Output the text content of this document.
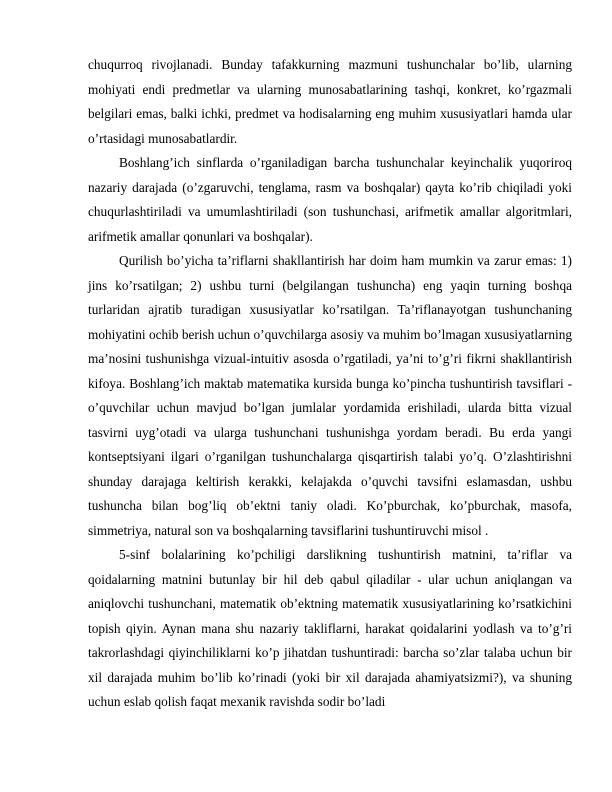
chuqurroq rivojlanadi. Bunday tafakkurning mazmuni tushunchalar bo’lib, ularning mohiyati endi predmetlar va ularning munosabatlarining tashqi, konkret, ko’rgazmali belgilari emas, balki ichki, predmet va hodisalarning eng muhim xususiyatlari hamda ular o’rtasidagi munosabatlardir.

Boshlang’ich sinflarda o’rganiladigan barcha tushunchalar keyinchalik yuqoriroq nazariy darajada (o’zgaruvchi, tenglama, rasm va boshqalar) qayta ko’rib chiqiladi yoki chuqurlashtiriladi va umumlashtiriladi (son tushunchasi, arifmetik amallar algoritmlari, arifmetik amallar qonunlari va boshqalar).

Qurilish bo’yicha ta’riflarni shakllantirish har doim ham mumkin va zarur emas: 1) jins ko’rsatilgan; 2) ushbu turni (belgilangan tushuncha) eng yaqin turning boshqa turlaridan ajratib turadigan xususiyatlar ko’rsatilgan. Ta’riflanayotgan tushunchaning mohiyatini ochib berish uchun o’quvchilarga asosiy va muhim bo’lmagan xususiyatlarning ma’nosini tushunishga vizual-intuitiv asosda o’rgatiladi, ya’ni to’g’ri fikrni shakllantirish kifoya. Boshlang’ich maktab matematika kursida bunga ko’pincha tushuntirish tavsiflari - o’quvchilar uchun mavjud bo’lgan jumlalar yordamida erishiladi, ularda bitta vizual tasvirni uyg’otadi va ularga tushunchani tushunishga yordam beradi. Bu erda yangi kontseptsiyani ilgari o’rganilgan tushunchalarga qisqartirish talabi yo’q. O’zlashtirishni shunday darajaga keltirish kerakki, kelajakda o’quvchi tavsifni eslamasdan, ushbu tushuncha bilan bog’liq ob’ektni taniy oladi. Ko’pburchak, ko’pburchak, masofa, simmetriya, natural son va boshqalarning tavsiflarini tushuntiruvchi misol .

5-sinf bolalarining ko’pchiligi darslikning tushuntirish matnini, ta’riflar va qoidalarning matnini butunlay bir hil deb qabul qiladilar - ular uchun aniqlangan va aniqlovchi tushunchani, matematik ob’ektning matematik xususiyatlarining ko’rsatkichini topish qiyin. Aynan mana shu nazariy takliflarni, harakat qoidalarini yodlash va to’g’ri takrorlashdagi qiyinchiliklarni ko’p jihatdan tushuntiradi: barcha so’zlar talaba uchun bir xil darajada muhim bo’lib ko’rinadi (yoki bir xil darajada ahamiyatsizmi?), va shuning uchun eslab qolish faqat mexanik ravishda sodir bo’ladi
